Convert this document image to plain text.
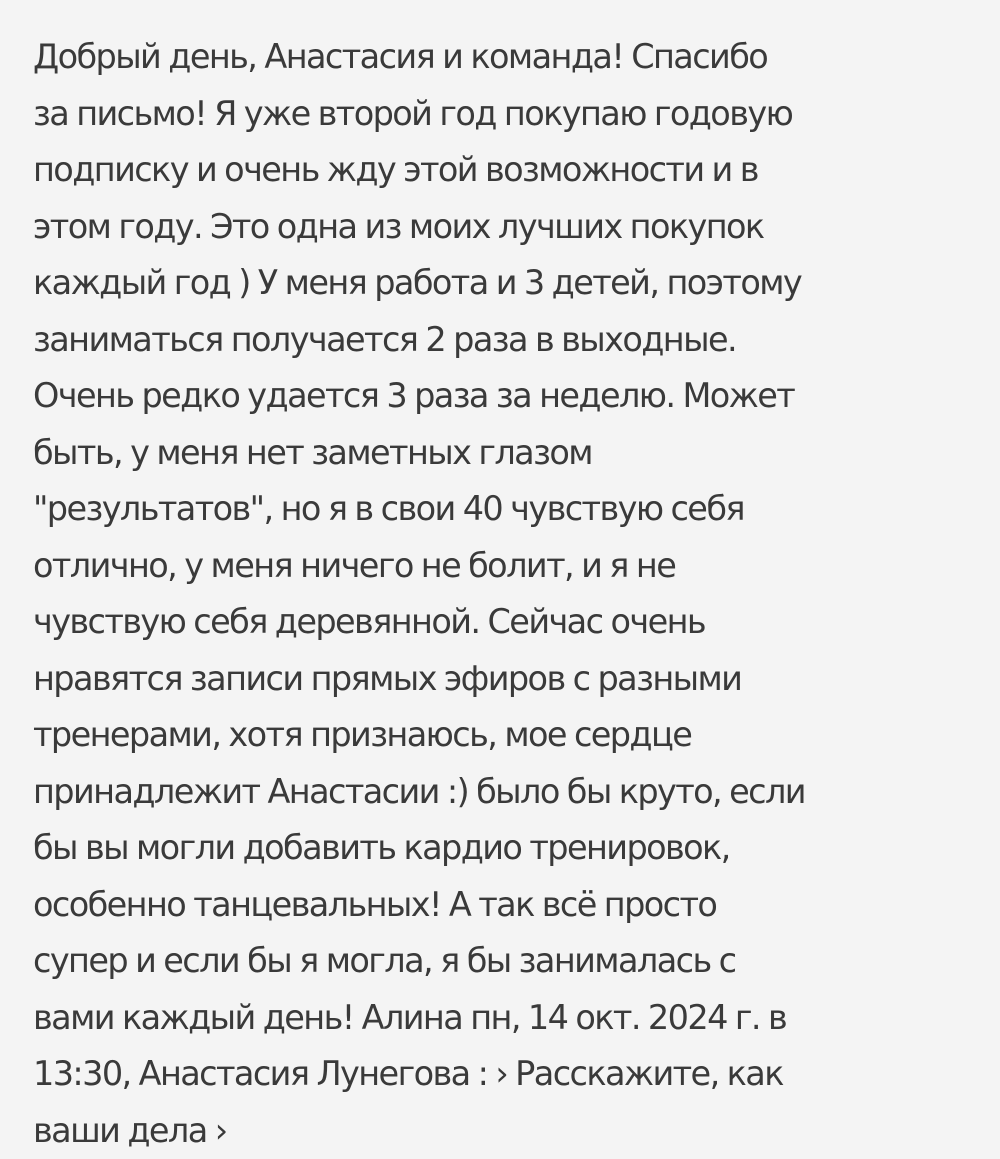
Добрый день, Анастасия и команда! Спасибо
за письмо! Я уже второй год покупаю годовую
подписку и очень жду этой возможности и в
этом году. Это одна из моих лучших покупок
каждый год ) У меня работа и 3 детей, поэтому
заниматься получается 2 раза в выходные.
Очень редко удается 3 раза за неделю. Может
быть, у меня нет заметных глазом
"результатов", но я в свои 40 чувствую себя
отлично, у меня ничего не болит, и я не
чувствую себя деревянной. Сейчас очень
нравятся записи прямых эфиров с разными
тренерами, хотя признаюсь, мое сердце
принадлежит Анастасии :) было бы круто, если
бы вы могли добавить кардио тренировок,
особенно танцевальных! А так всё просто
супер и если бы я могла, я бы занималась с
вами каждый день! Алина пн, 14 окт. 2024 г. в
13:30, Анастасия Лунегова : › Расскажите, как
ваши дела ›
